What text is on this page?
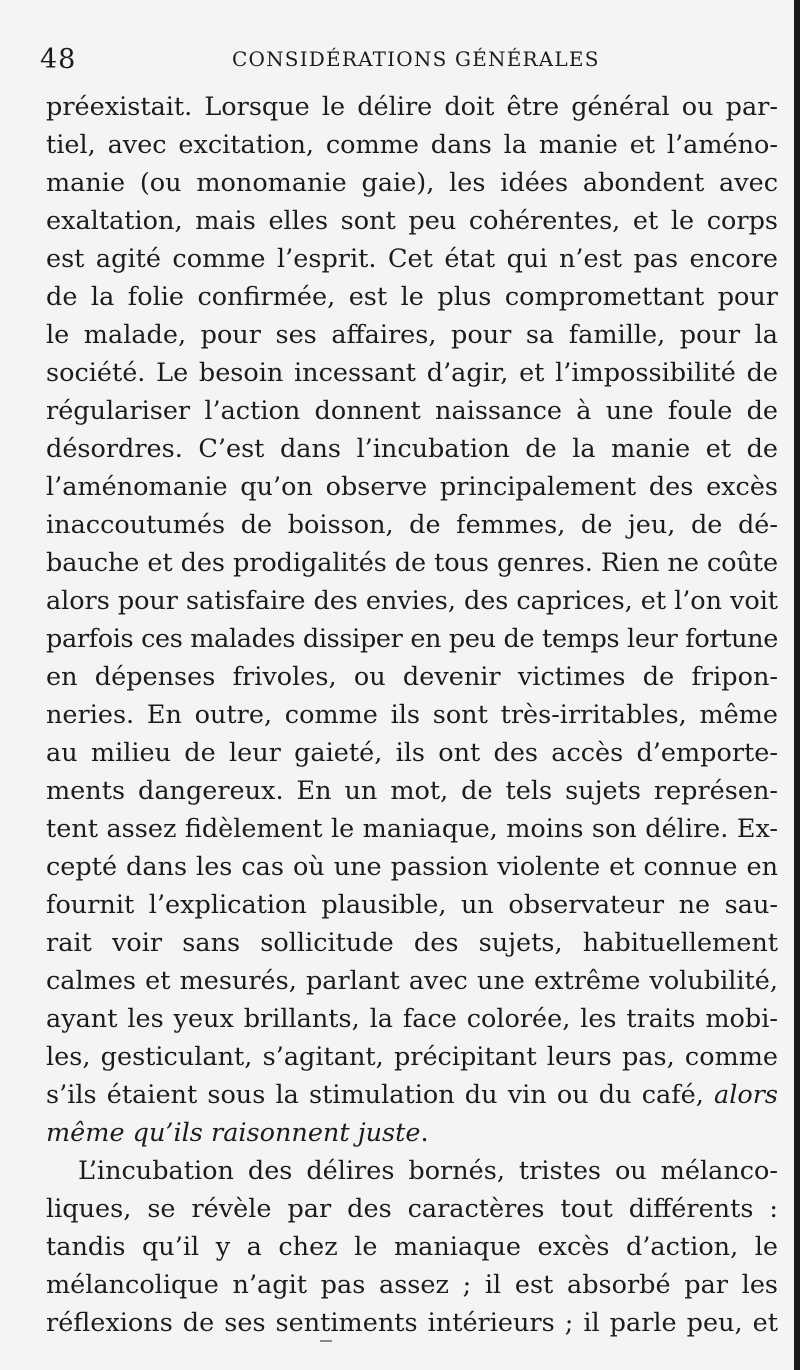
48	CONSIDÉRATIONS GÉNÉRALES
préexistait. Lorsque le délire doit être général ou par-
tiel, avec excitation, comme dans la manie et l’améno-
manie (ou monomanie gaie), les idées abondent avec
exaltation, mais elles sont peu cohérentes, et le corps
est agité comme l’esprit. Cet état qui n’est pas encore
de la folie confirmée, est le plus compromettant pour
le malade, pour ses affaires, pour sa famille, pour la
société. Le besoin incessant d’agir, et l’impossibilité de
régulariser l’action donnent naissance à une foule de
désordres. C’est dans l’incubation de la manie et de
l’aménomanie qu’on observe principalement des excès
inaccoutumés de boisson, de femmes, de jeu, de dé-
bauche et des prodigalités de tous genres. Rien ne coûte
alors pour satisfaire des envies, des caprices, et l’on voit
parfois ces malades dissiper en peu de temps leur fortune
en dépenses frivoles, ou devenir victimes de fripon-
neries. En outre, comme ils sont très-irritables, même
au milieu de leur gaieté, ils ont des accès d’emporte-
ments dangereux. En un mot, de tels sujets représen-
tent assez fidèlement le maniaque, moins son délire. Ex-
cepté dans les cas où une passion violente et connue en
fournit l’explication plausible, un observateur ne sau-
rait voir sans sollicitude des sujets, habituellement
calmes et mesurés, parlant avec une extrême volubilité,
ayant les yeux brillants, la face colorée, les traits mobi-
les, gesticulant, s’agitant, précipitant leurs pas, comme
s’ils étaient sous la stimulation du vin ou du café, alors
même qu’ils raisonnent juste.
L’incubation des délires bornés, tristes ou mélanco-
liques, se révèle par des caractères tout différents :
tandis qu’il y a chez le maniaque excès d’action, le
mélancolique n’agit pas assez ; il est absorbé par les
réflexions de ses sentiments intérieurs ; il parle peu, et
